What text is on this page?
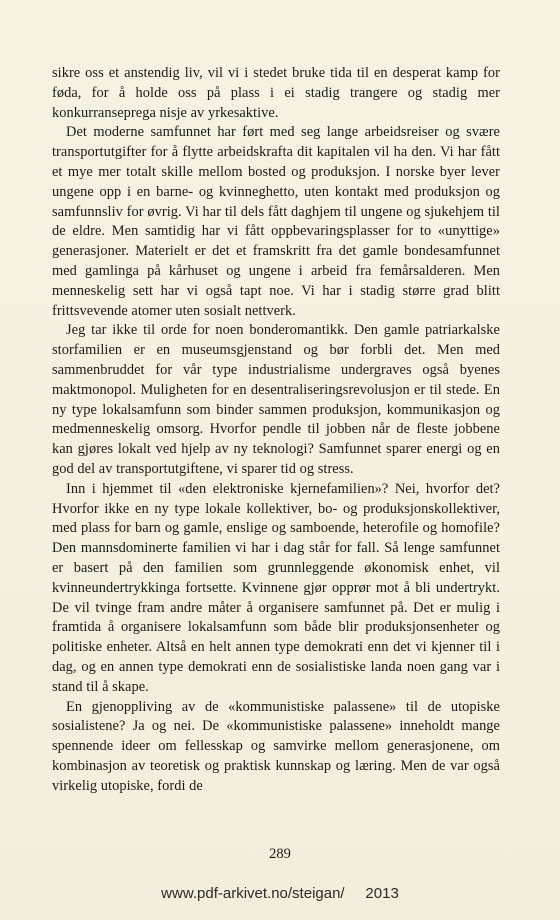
sikre oss et anstendig liv, vil vi i stedet bruke tida til en desperat kamp for føda, for å holde oss på plass i ei stadig trangere og stadig mer konkurranseprega nisje av yrkesaktive.

Det moderne samfunnet har ført med seg lange arbeidsreiser og svære transportutgifter for å flytte arbeidskrafta dit kapitalen vil ha den. Vi har fått et mye mer totalt skille mellom bosted og produksjon. I norske byer lever ungene opp i en barne- og kvinneghetto, uten kontakt med produksjon og samfunnsliv for øvrig. Vi har til dels fått daghjem til ungene og sjukehjem til de eldre. Men samtidig har vi fått oppbevaringsplasser for to «unyttige» generasjoner. Materielt er det et framskritt fra det gamle bondesamfunnet med gamlinga på kårhuset og ungene i arbeid fra femårsalderen. Men menneskelig sett har vi også tapt noe. Vi har i stadig større grad blitt frittsvevende atomer uten sosialt nettverk.

Jeg tar ikke til orde for noen bonderomantikk. Den gamle patriarkalske storfamilien er en museumsgjenstand og bør forbli det. Men med sammenbruddet for vår type industrialisme undergraves også byenes maktmonopol. Muligheten for en desentraliseringsrevolusjon er til stede. En ny type lokalsamfunn som binder sammen produksjon, kommunikasjon og medmenneskelig omsorg. Hvorfor pendle til jobben når de fleste jobbene kan gjøres lokalt ved hjelp av ny teknologi? Samfunnet sparer energi og en god del av transportutgiftene, vi sparer tid og stress.

Inn i hjemmet til «den elektroniske kjernefamilien»? Nei, hvorfor det? Hvorfor ikke en ny type lokale kollektiver, bo- og produksjonskollektiver, med plass for barn og gamle, enslige og samboende, heterofile og homofile? Den mannsdominerte familien vi har i dag står for fall. Så lenge samfunnet er basert på den familien som grunnleggende økonomisk enhet, vil kvinneundertrykkinga fortsette. Kvinnene gjør opprør mot å bli undertrykt. De vil tvinge fram andre måter å organisere samfunnet på. Det er mulig i framtida å organisere lokalsamfunn som både blir produksjonsenheter og politiske enheter. Altså en helt annen type demokrati enn det vi kjenner til i dag, og en annen type demokrati enn de sosialistiske landa noen gang var i stand til å skape.

En gjenoppliving av de «kommunistiske palassene» til de utopiske sosialistene? Ja og nei. De «kommunistiske palassene» inneholdt mange spennende ideer om fellesskap og samvirke mellom generasjonene, om kombinasjon av teoretisk og praktisk kunnskap og læring. Men de var også virkelig utopiske, fordi de

289
www.pdf-arkivet.no/steigan/     2013
